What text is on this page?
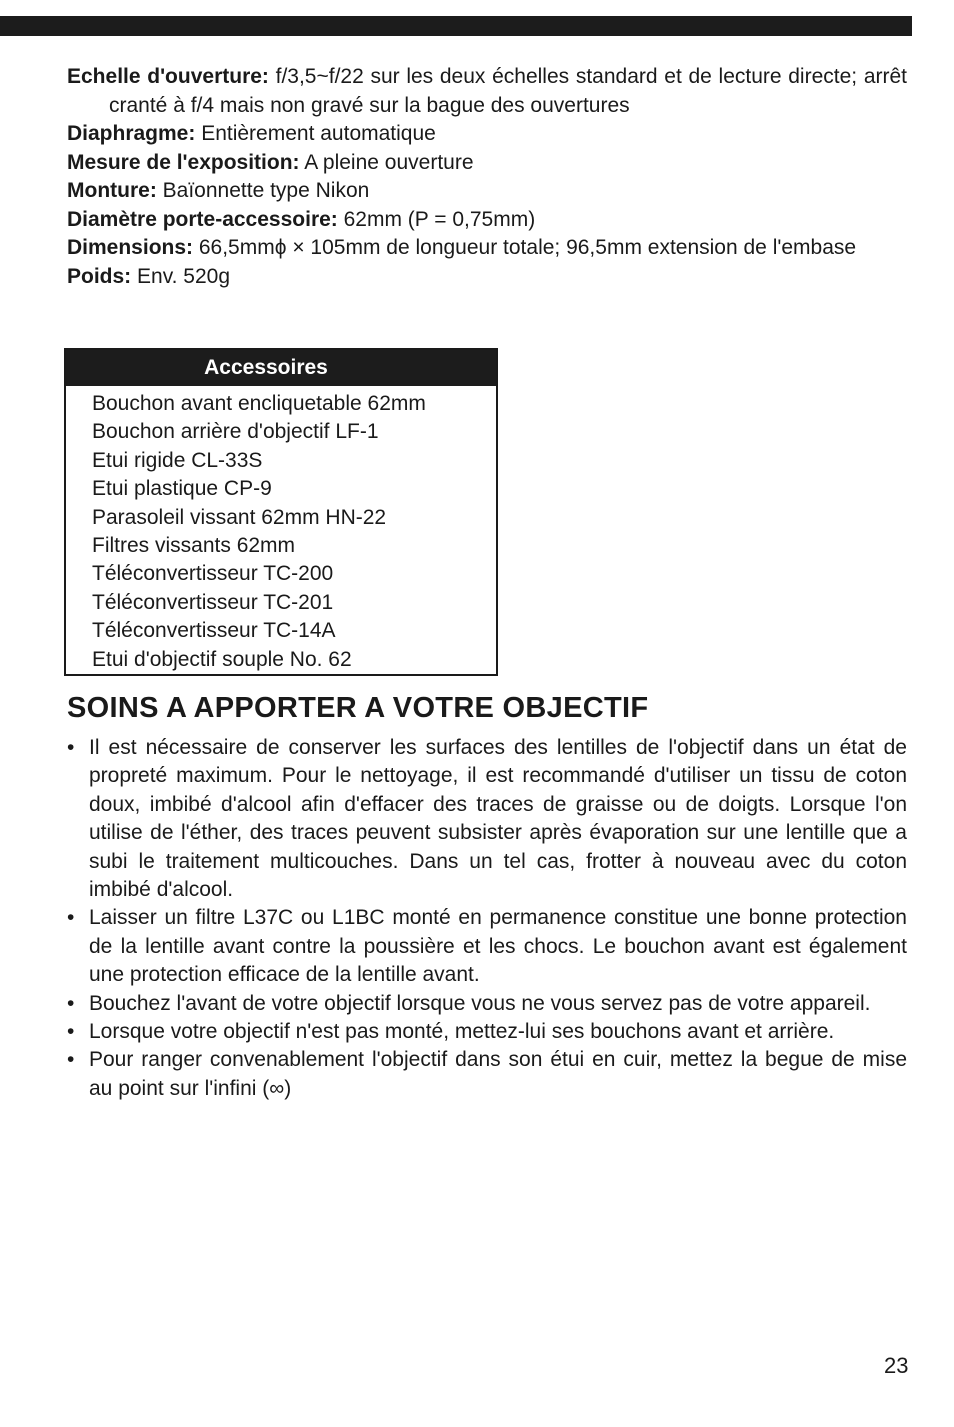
Echelle d'ouverture: f/3,5~f/22 sur les deux échelles standard et de lecture directe; arrêt cranté à f/4 mais non gravé sur la bague des ouvertures
Diaphragme: Entièrement automatique
Mesure de l'exposition: A pleine ouverture
Monture: Baïonnette type Nikon
Diamètre porte-accessoire: 62mm (P = 0,75mm)
Dimensions: 66,5mmϕ × 105mm de longueur totale; 96,5mm extension de l'embase
Poids: Env. 520g
Accessoires
Bouchon avant encliquetable 62mm
Bouchon arrière d'objectif LF-1
Etui rigide CL-33S
Etui plastique CP-9
Parasoleil vissant 62mm HN-22
Filtres vissants 62mm
Téléconvertisseur TC-200
Téléconvertisseur TC-201
Téléconvertisseur TC-14A
Etui d'objectif souple No. 62
SOINS A APPORTER A VOTRE OBJECTIF
• Il est nécessaire de conserver les surfaces des lentilles de l'objectif dans un état de propreté maximum. Pour le nettoyage, il est recommandé d'utiliser un tissu de coton doux, imbibé d'alcool afin d'effacer des traces de graisse ou de doigts. Lorsque l'on utilise de l'éther, des traces peuvent subsister après évaporation sur une lentille que a subi le traitement multicouches. Dans un tel cas, frotter à nouveau avec du coton imbibé d'alcool.
• Laisser un filtre L37C ou L1BC monté en permanence constitue une bonne protection de la lentille avant contre la poussière et les chocs. Le bouchon avant est également une protection efficace de la lentille avant.
• Bouchez l'avant de votre objectif lorsque vous ne vous servez pas de votre appareil.
• Lorsque votre objectif n'est pas monté, mettez-lui ses bouchons avant et arrière.
• Pour ranger convenablement l'objectif dans son étui en cuir, mettez la begue de mise au point sur l'infini (∞)
23
